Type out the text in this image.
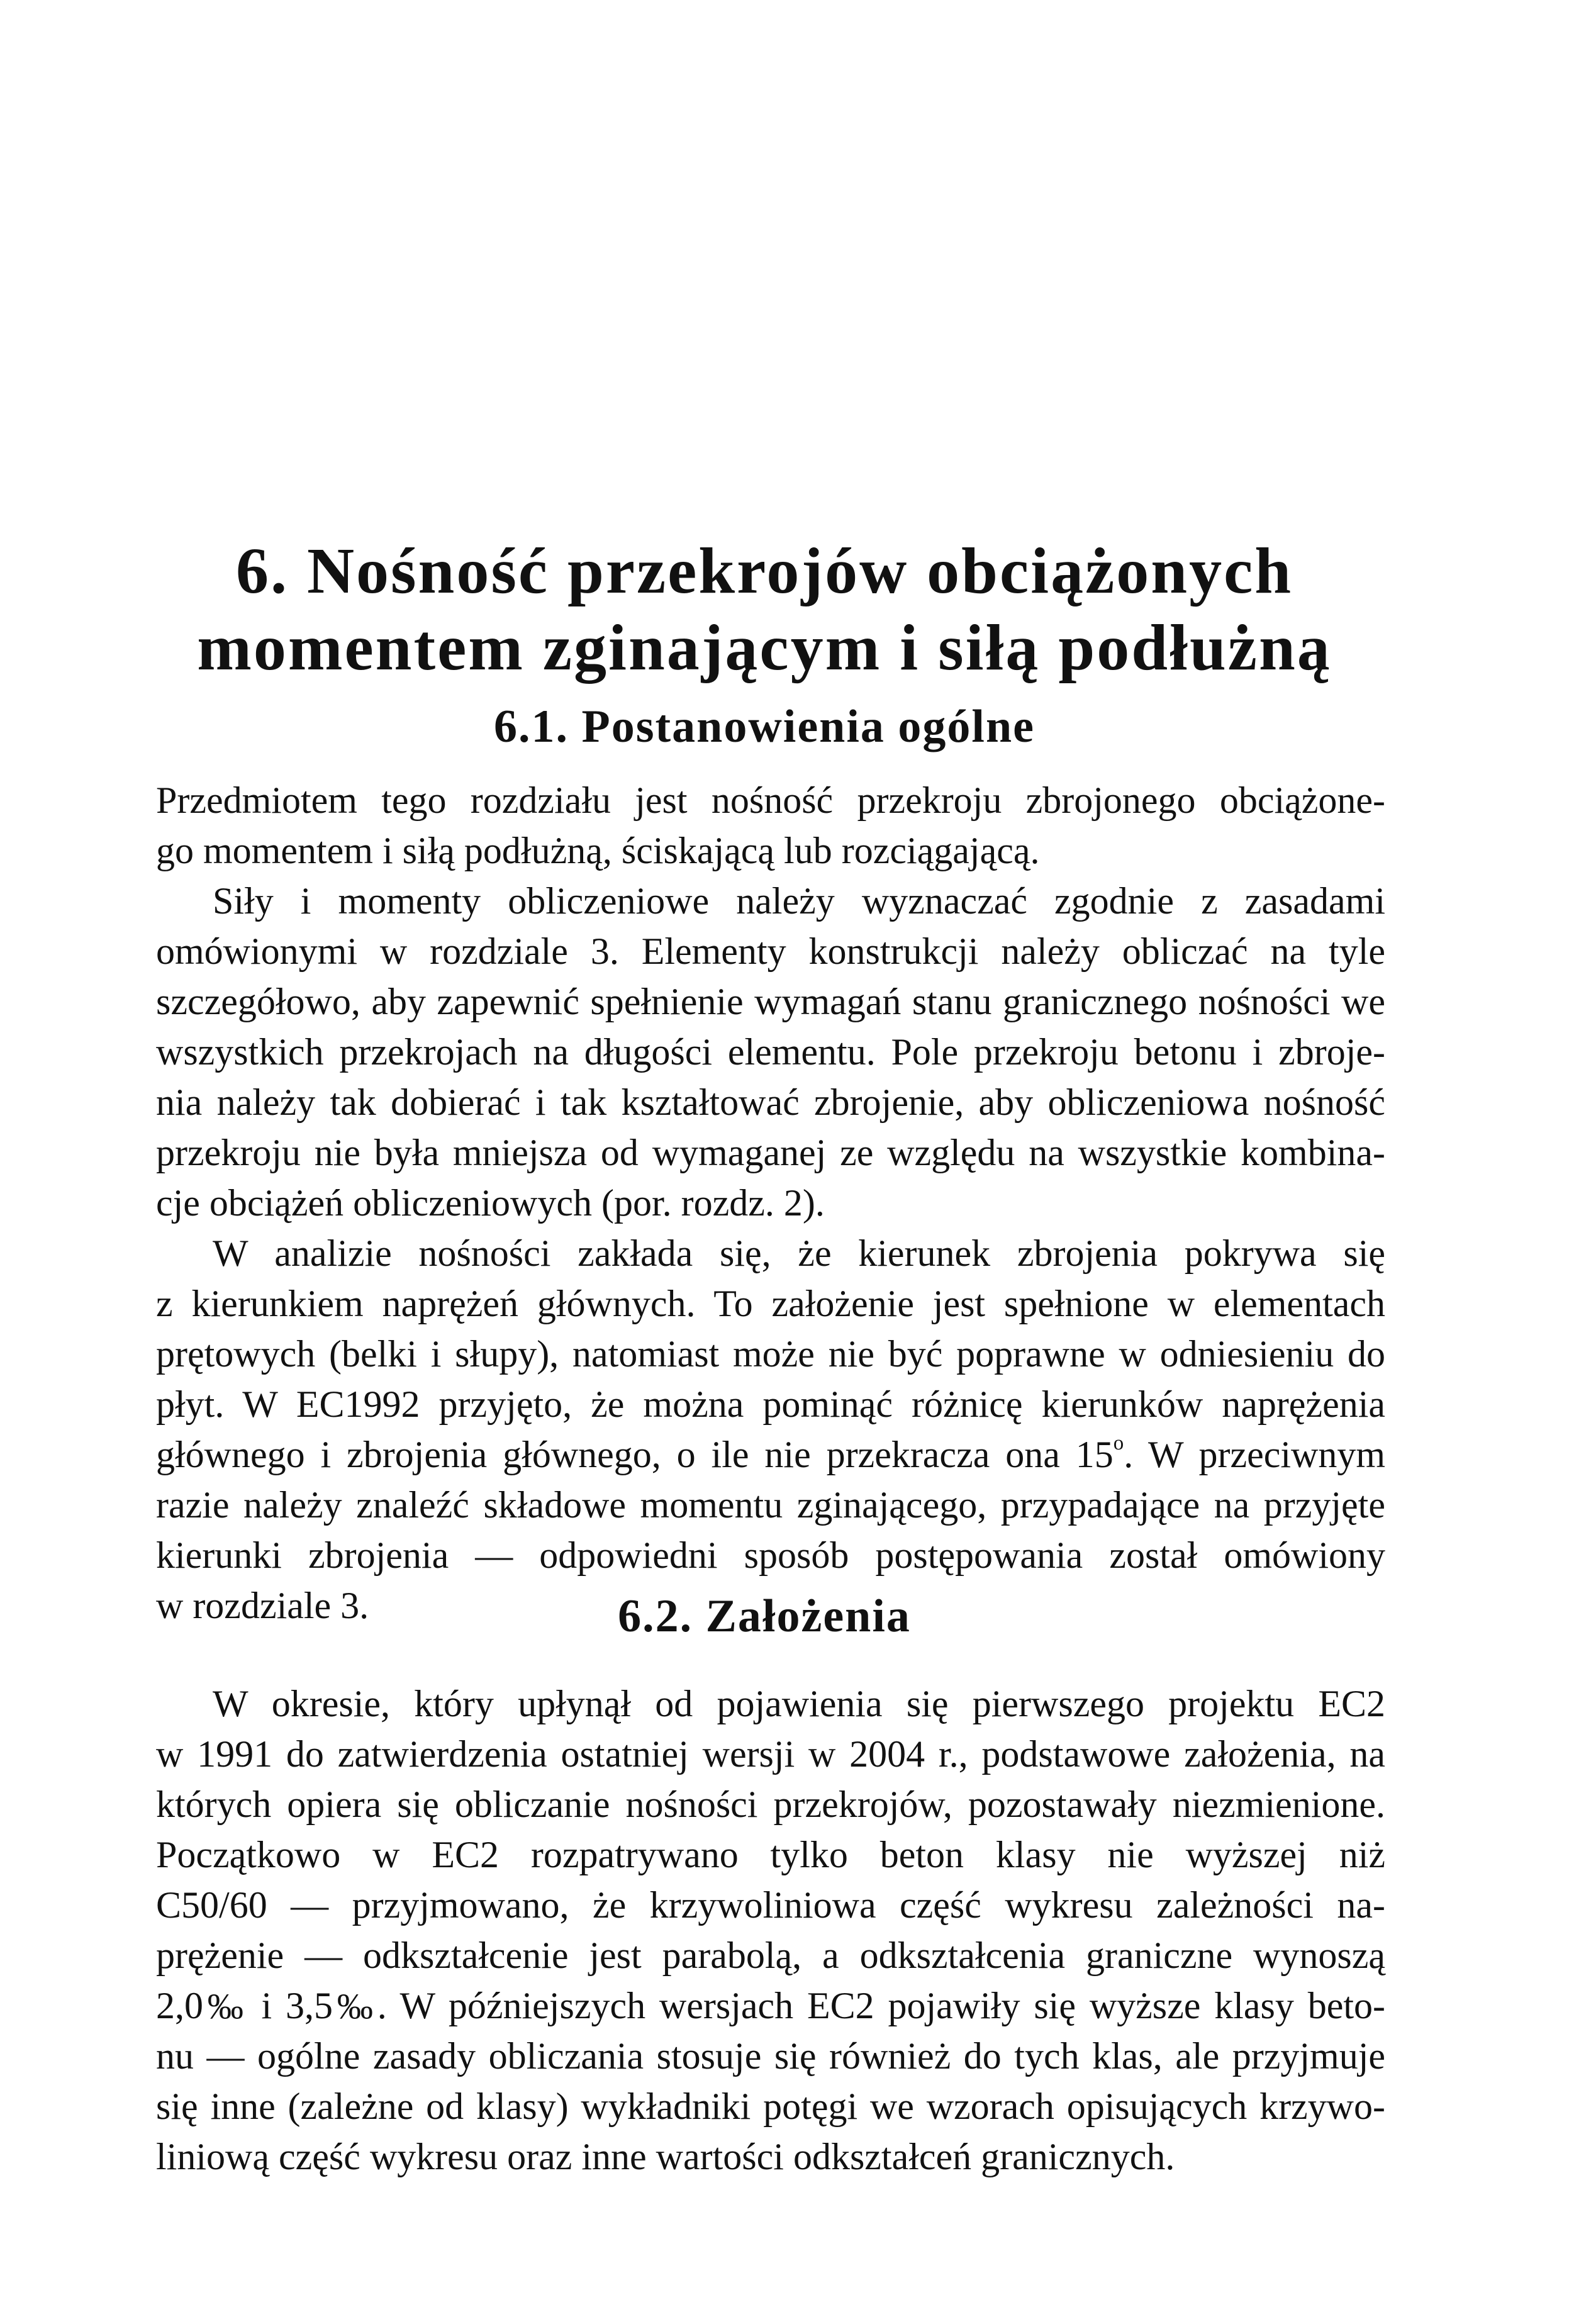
6. Nośność przekrojów obciążonych
momentem zginającym i siłą podłużną
6.1. Postanowienia ogólne
Przedmiotem tego rozdziału jest nośność przekroju zbrojonego obciążone-
go momentem i siłą podłużną, ściskającą lub rozciągającą.
Siły i momenty obliczeniowe należy wyznaczać zgodnie z zasadami
omówionymi w rozdziale 3. Elementy konstrukcji należy obliczać na tyle
szczegółowo, aby zapewnić spełnienie wymagań stanu granicznego nośności we
wszystkich przekrojach na długości elementu. Pole przekroju betonu i zbroje-
nia należy tak dobierać i tak kształtować zbrojenie, aby obliczeniowa nośność
przekroju nie była mniejsza od wymaganej ze względu na wszystkie kombina-
cje obciążeń obliczeniowych (por. rozdz. 2).
W analizie nośności zakłada się, że kierunek zbrojenia pokrywa się
z kierunkiem naprężeń głównych. To założenie jest spełnione w elementach
prętowych (belki i słupy), natomiast może nie być poprawne w odniesieniu do
płyt. W EC1992 przyjęto, że można pominąć różnicę kierunków naprężenia
głównego i zbrojenia głównego, o ile nie przekracza ona 15$^o$. W przeciwnym
razie należy znaleźć składowe momentu zginającego, przypadające na przyjęte
kierunki zbrojenia — odpowiedni sposób postępowania został omówiony
w rozdziale 3.	6.2. Założenia
W okresie, który upłynął od pojawienia się pierwszego projektu EC2
w 1991 do zatwierdzenia ostatniej wersji w 2004 r., podstawowe założenia, na
których opiera się obliczanie nośności przekrojów, pozostawały niezmienione.
Początkowo w EC2 rozpatrywano tylko beton klasy nie wyższej niż
C50/60 — przyjmowano, że krzywoliniowa część wykresu zależności na-
prężenie — odkształcenie jest parabolą, a odkształcenia graniczne wynoszą
2,0‰ i 3,5‰. W późniejszych wersjach EC2 pojawiły się wyższe klasy beto-
nu — ogólne zasady obliczania stosuje się również do tych klas, ale przyjmuje
się inne (zależne od klasy) wykładniki potęgi we wzorach opisujących krzywo-
liniową część wykresu oraz inne wartości odkształceń granicznych.
